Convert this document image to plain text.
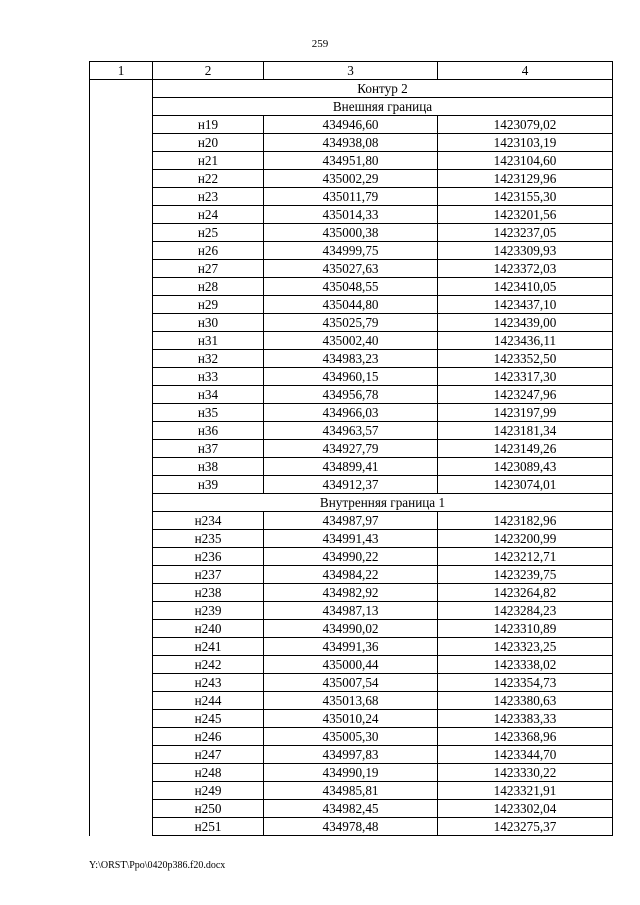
259
1	2	3	4
	Контур 2		
	Внешняя граница		
	н19	434946,60	1423079,02
	н20	434938,08	1423103,19
	н21	434951,80	1423104,60
	н22	435002,29	1423129,96
	н23	435011,79	1423155,30
	н24	435014,33	1423201,56
	н25	435000,38	1423237,05
	н26	434999,75	1423309,93
	н27	435027,63	1423372,03
	н28	435048,55	1423410,05
	н29	435044,80	1423437,10
	н30	435025,79	1423439,00
	н31	435002,40	1423436,11
	н32	434983,23	1423352,50
	н33	434960,15	1423317,30
	н34	434956,78	1423247,96
	н35	434966,03	1423197,99
	н36	434963,57	1423181,34
	н37	434927,79	1423149,26
	н38	434899,41	1423089,43
	н39	434912,37	1423074,01
	Внутренняя граница 1		
	н234	434987,97	1423182,96
	н235	434991,43	1423200,99
	н236	434990,22	1423212,71
	н237	434984,22	1423239,75
	н238	434982,92	1423264,82
	н239	434987,13	1423284,23
	н240	434990,02	1423310,89
	н241	434991,36	1423323,25
	н242	435000,44	1423338,02
	н243	435007,54	1423354,73
	н244	435013,68	1423380,63
	н245	435010,24	1423383,33
	н246	435005,30	1423368,96
	н247	434997,83	1423344,70
	н248	434990,19	1423330,22
	н249	434985,81	1423321,91
	н250	434982,45	1423302,04
	н251	434978,48	1423275,37
Y:\ORST\Ppo\0420p386.f20.docx
